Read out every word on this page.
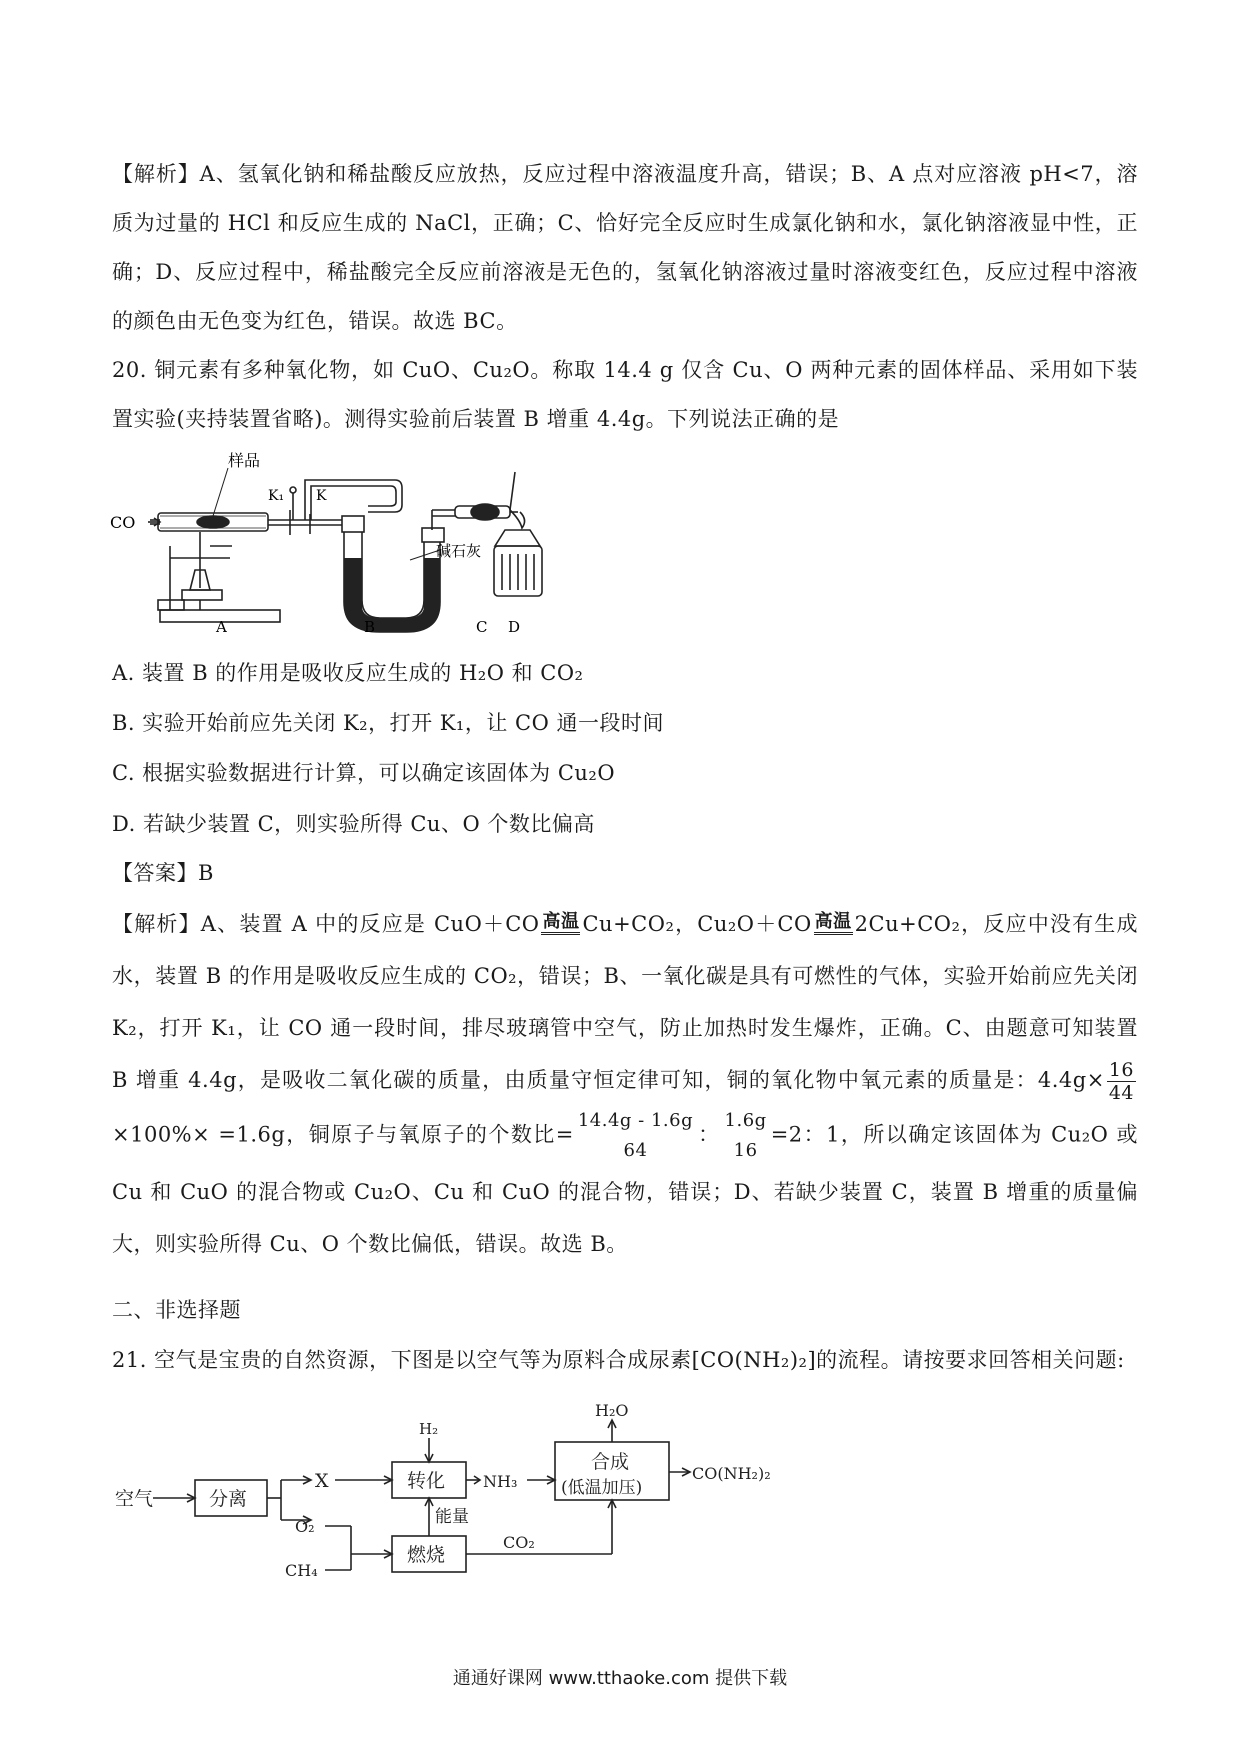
【解析】A、氢氧化钠和稀盐酸反应放热，反应过程中溶液温度升高，错误；B、A 点对应溶液 pH<7，溶质为过量的 HCl 和反应生成的 NaCl，正确；C、恰好完全反应时生成氯化钠和水，氯化钠溶液显中性，正确；D、反应过程中，稀盐酸完全反应前溶液是无色的，氢氧化钠溶液过量时溶液变红色，反应过程中溶液的颜色由无色变为红色，错误。故选 BC。
20. 铜元素有多种氧化物，如 CuO、Cu₂O。称取 14.4 g 仅含 Cu、O 两种元素的固体样品、采用如下装置实验(夹持装置省略)。测得实验前后装置 B 增重 4.4g。下列说法正确的是
样品
CO
K₁ K
碱石灰
A	B	C D
A. 装置 B 的作用是吸收反应生成的 H₂O 和 CO₂
B. 实验开始前应先关闭 K₂，打开 K₁，让 CO 通一段时间
C. 根据实验数据进行计算，可以确定该固体为 Cu₂O
D. 若缺少装置 C，则实验所得 Cu、O 个数比偏高
【答案】B
【解析】A、装置 A 中的反应是 CuO＋CO 高温 Cu+CO₂，Cu₂O＋CO 高温 2Cu+CO₂，反应中没有生成水，装置 B 的作用是吸收反应生成的 CO₂，错误；B、一氧化碳是具有可燃性的气体，实验开始前应先关闭 K₂，打开 K₁，让 CO 通一段时间，排尽玻璃管中空气，防止加热时发生爆炸，正确。C、由题意可知装置 B 增重 4.4g，是吸收二氧化碳的质量，由质量守恒定律可知，铜的氧化物中氧元素的质量是：$4.4g\times \frac{16}{44}$
×100%× =1.6g，铜原子与氧原子的个数比=
14.4g - 1.6g
64
：
1.6g
16
=2：1，所以确定该固体为 Cu₂O 或 Cu 和 CuO 的混合物或 Cu₂O、Cu 和 CuO 的混合物，错误；D、若缺少装置 C，装置 B 增重的质量偏大，则实验所得 Cu、O 个数比偏低，错误。故选 B。
二、非选择题
21. 空气是宝贵的自然资源，下图是以空气等为原料合成尿素[CO(NH₂)₂]的流程。请按要求回答相关问题:
空气	分离
X
H₂
转化 NH₃
H₂O
合成
(低温加压)
CO(NH₂)₂
O₂
CH₄
能量
燃烧
CO₂
通通好课网 www.tthaoke.com 提供下载
